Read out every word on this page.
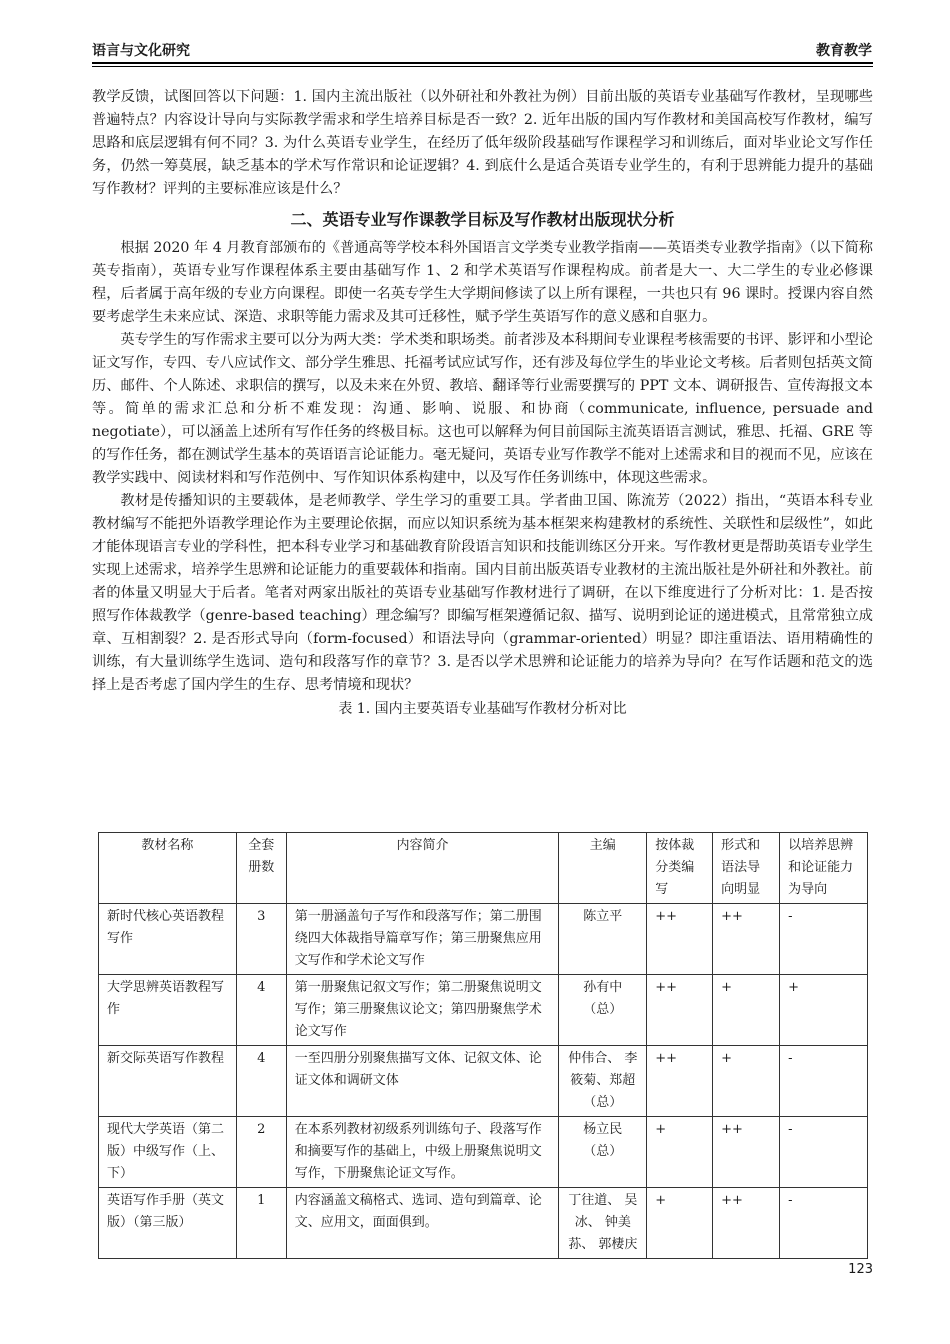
语言与文化研究	教育教学

教学反馈，试图回答以下问题：1. 国内主流出版社（以外研社和外教社为例）目前出版的英语专业基础写作教材，呈现哪些普遍特点？内容设计导向与实际教学需求和学生培养目标是否一致？2. 近年出版的国内写作教材和美国高校写作教材，编写思路和底层逻辑有何不同？3. 为什么英语专业学生，在经历了低年级阶段基础写作课程学习和训练后，面对毕业论文写作任务，仍然一筹莫展，缺乏基本的学术写作常识和论证逻辑？4. 到底什么是适合英语专业学生的，有利于思辨能力提升的基础写作教材？评判的主要标准应该是什么？

二、英语专业写作课教学目标及写作教材出版现状分析

根据 2020 年 4 月教育部颁布的《普通高等学校本科外国语言文学类专业教学指南——英语类专业教学指南》（以下简称英专指南），英语专业写作课程体系主要由基础写作 1、2 和学术英语写作课程构成。前者是大一、大二学生的专业必修课程，后者属于高年级的专业方向课程。即使一名英专学生大学期间修读了以上所有课程，一共也只有 96 课时。授课内容自然要考虑学生未来应试、深造、求职等能力需求及其可迁移性，赋予学生英语写作的意义感和自驱力。

英专学生的写作需求主要可以分为两大类：学术类和职场类。前者涉及本科期间专业课程考核需要的书评、影评和小型论证文写作，专四、专八应试作文、部分学生雅思、托福考试应试写作，还有涉及每位学生的毕业论文考核。后者则包括英文简历、邮件、个人陈述、求职信的撰写，以及未来在外贸、教培、翻译等行业需要撰写的 PPT 文本、调研报告、宣传海报文本等。简单的需求汇总和分析不难发现：沟通、影响、说服、和协商（communicate, influence, persuade and negotiate），可以涵盖上述所有写作任务的终极目标。这也可以解释为何目前国际主流英语语言测试，雅思、托福、GRE 等的写作任务，都在测试学生基本的英语语言论证能力。毫无疑问，英语专业写作教学不能对上述需求和目的视而不见，应该在教学实践中、阅读材料和写作范例中、写作知识体系构建中，以及写作任务训练中，体现这些需求。

教材是传播知识的主要载体，是老师教学、学生学习的重要工具。学者曲卫国、陈流芳（2022）指出，“英语本科专业教材编写不能把外语教学理论作为主要理论依据，而应以知识系统为基本框架来构建教材的系统性、关联性和层级性”，如此才能体现语言专业的学科性，把本科专业学习和基础教育阶段语言知识和技能训练区分开来。写作教材更是帮助英语专业学生实现上述需求，培养学生思辨和论证能力的重要载体和指南。国内目前出版英语专业教材的主流出版社是外研社和外教社。前者的体量又明显大于后者。笔者对两家出版社的英语专业基础写作教材进行了调研，在以下维度进行了分析对比：1. 是否按照写作体裁教学（genre-based teaching）理念编写？即编写框架遵循记叙、描写、说明到论证的递进模式，且常常独立成章、互相割裂？2. 是否形式导向（form-focused）和语法导向（grammar-oriented）明显？即注重语法、语用精确性的训练，有大量训练学生选词、造句和段落写作的章节？3. 是否以学术思辨和论证能力的培养为导向？在写作话题和范文的选择上是否考虑了国内学生的生存、思考情境和现状？

表 1. 国内主要英语专业基础写作教材分析对比
教材名称	全套册数	内容简介	主编	按体裁分类编写	形式和语法导向明显	以培养思辨和论证能力为导向
新时代核心英语教程　写作	3	第一册涵盖句子写作和段落写作；第二册围绕四大体裁指导篇章写作；第三册聚焦应用文写作和学术论文写作	陈立平	++	++	-
大学思辨英语教程写作	4	第一册聚焦记叙文写作；第二册聚焦说明文写作；第三册聚焦议论文；第四册聚焦学术论文写作	孙有中（总）	++	+	+
新交际英语写作教程	4	一至四册分别聚焦描写文体、记叙文体、论证文体和调研文体	仲伟合、 李筱菊、郑超（总）	++	+	-
现代大学英语（第二版）中级写作（上、下）	2	在本系列教材初级系列训练句子、段落写作和摘要写作的基础上，中级上册聚焦说明文写作，下册聚焦论证文写作。	杨立民（总）	+	++	-
英语写作手册（英文版）（第三版）	1	内容涵盖文稿格式、选词、造句到篇章、论文、应用文，面面俱到。	丁往道、 吴冰、 钟美荪、 郭棲庆	+	++	-
123
